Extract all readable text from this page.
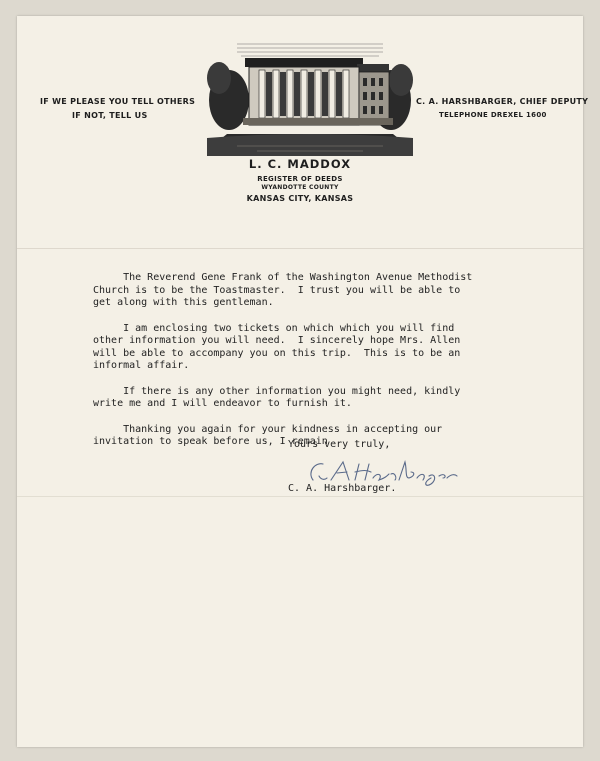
IF WE PLEASE YOU TELL OTHERS
IF NOT, TELL US
C. A. HARSHBARGER, CHIEF DEPUTY
TELEPHONE DREXEL 1600
L. C. MADDOX
REGISTER OF DEEDS
WYANDOTTE COUNTY
KANSAS CITY, KANSAS

The Reverend Gene Frank of the Washington Avenue Methodist
Church is to be the Toastmaster.  I trust you will be able to
get along with this gentleman.

I am enclosing two tickets on which which you will find
other information you will need.  I sincerely hope Mrs. Allen
will be able to accompany you on this trip.  This is to be an
informal affair.

If there is any other information you might need, kindly
write me and I will endeavor to furnish it.

Thanking you again for your kindness in accepting our
invitation to speak before us, I remain

Yours very truly,
C. A. Harshbarger.
